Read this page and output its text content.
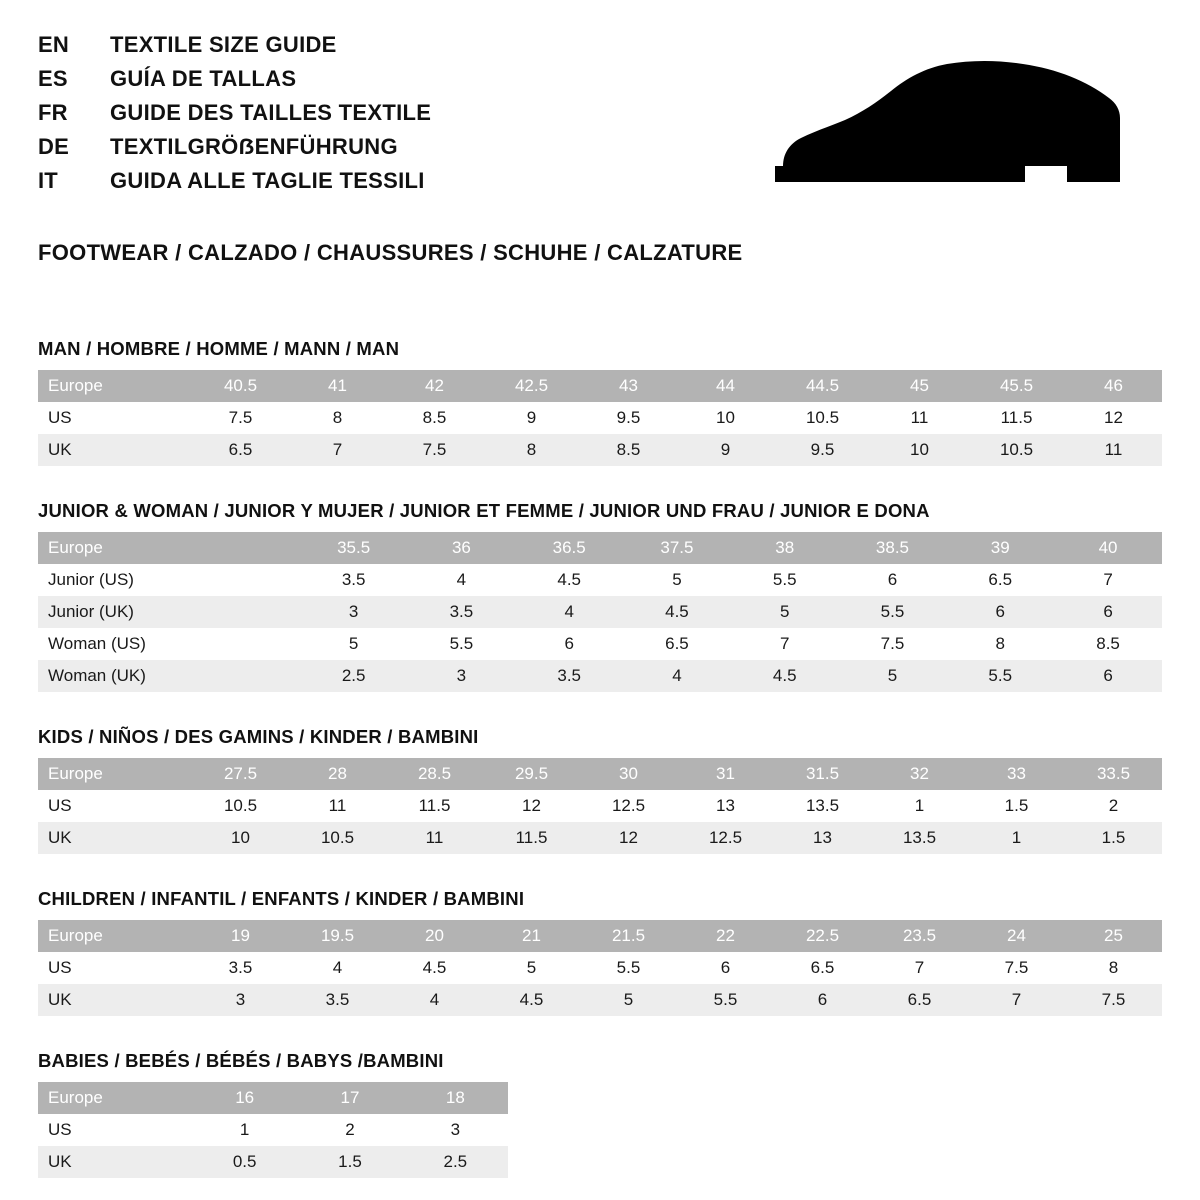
EN	TEXTILE SIZE GUIDE
ES	GUÍA DE TALLAS
FR	GUIDE DES TAILLES TEXTILE
DE	TEXTILGRÖẞENFÜHRUNG
IT	GUIDA ALLE TAGLIE TESSILI
FOOTWEAR / CALZADO / CHAUSSURES / SCHUHE / CALZATURE
MAN / HOMBRE / HOMME / MANN / MAN
Europe	40.5	41	42	42.5	43	44	44.5	45	45.5	46
US	7.5	8	8.5	9	9.5	10	10.5	11	11.5	12
UK	6.5	7	7.5	8	8.5	9	9.5	10	10.5	11
JUNIOR & WOMAN / JUNIOR Y MUJER / JUNIOR ET FEMME / JUNIOR UND FRAU / JUNIOR E DONA
Europe		35.5	36	36.5	37.5	38	38.5	39	40
Junior (US)		3.5	4	4.5	5	5.5	6	6.5	7
Junior (UK)		3	3.5	4	4.5	5	5.5	6	6
Woman (US)		5	5.5	6	6.5	7	7.5	8	8.5
Woman (UK)		2.5	3	3.5	4	4.5	5	5.5	6
KIDS / NIÑOS / DES GAMINS / KINDER / BAMBINI
Europe	27.5	28	28.5	29.5	30	31	31.5	32	33	33.5
US	10.5	11	11.5	12	12.5	13	13.5	1	1.5	2
UK	10	10.5	11	11.5	12	12.5	13	13.5	1	1.5
CHILDREN / INFANTIL / ENFANTS / KINDER / BAMBINI
Europe	19	19.5	20	21	21.5	22	22.5	23.5	24	25
US	3.5	4	4.5	5	5.5	6	6.5	7	7.5	8
UK	3	3.5	4	4.5	5	5.5	6	6.5	7	7.5
BABIES / BEBÉS / BÉBÉS / BABYS /BAMBINI
Europe	16	17	18
US	1	2	3
UK	0.5	1.5	2.5
